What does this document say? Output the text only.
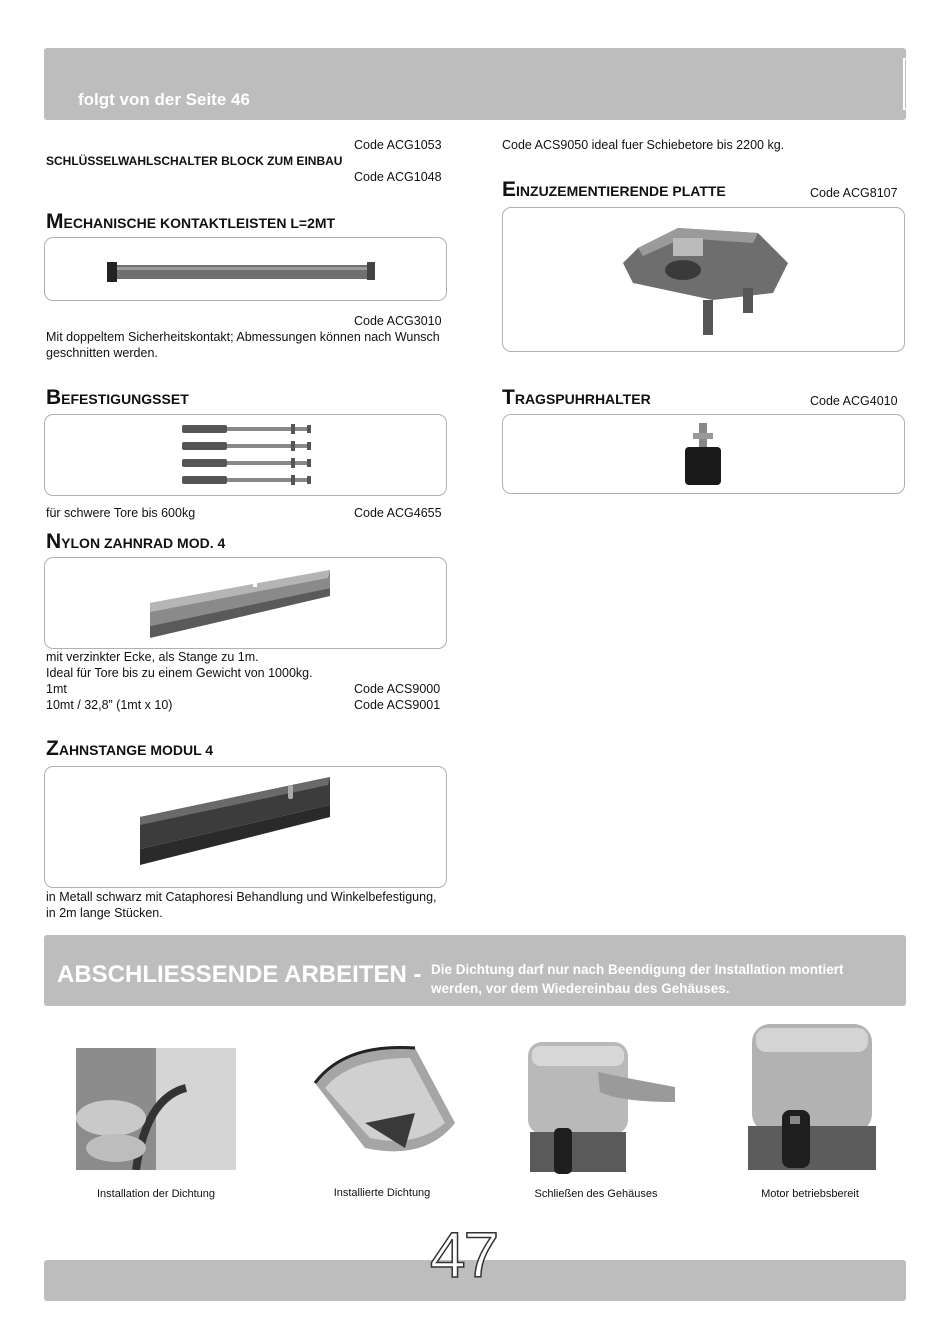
folgt von der Seite 46	D
Code ACG1053
SCHLÜSSELWAHLSCHALTER BLOCK ZUM EINBAU
Code ACG1048
MECHANISCHE KONTAKTLEISTEN L=2MT
Code ACG3010
Mit doppeltem Sicherheitskontakt; Abmessungen können nach Wunsch
geschnitten werden.
BEFESTIGUNGSSET
für schwere Tore bis 600kg	Code ACG4655
NYLON ZAHNRAD MOD. 4
mit verzinkter Ecke, als Stange zu 1m.
Ideal für Tore bis zu einem Gewicht von 1000kg.
1mt	Code ACS9000
10mt / 32,8” (1mt x 10)	Code ACS9001
ZAHNSTANGE MODUL 4
in Metall schwarz mit Cataphoresi Behandlung und Winkelbefestigung,
in 2m lange Stücken.
Code ACS9050 ideal fuer Schiebetore bis 2200 kg.
EINZUZEMENTIERENDE PLATTE	Code ACG8107
TRAGSPUHRHALTER	Code ACG4010
ABSCHLIESSENDE ARBEITEN - Die Dichtung darf nur nach Beendigung der Installation montiert werden, vor dem Wiedereinbau des Gehäuses.
Installation der Dichtung	Installierte Dichtung	Schließen des Gehäuses	Motor betriebsbereit
47
